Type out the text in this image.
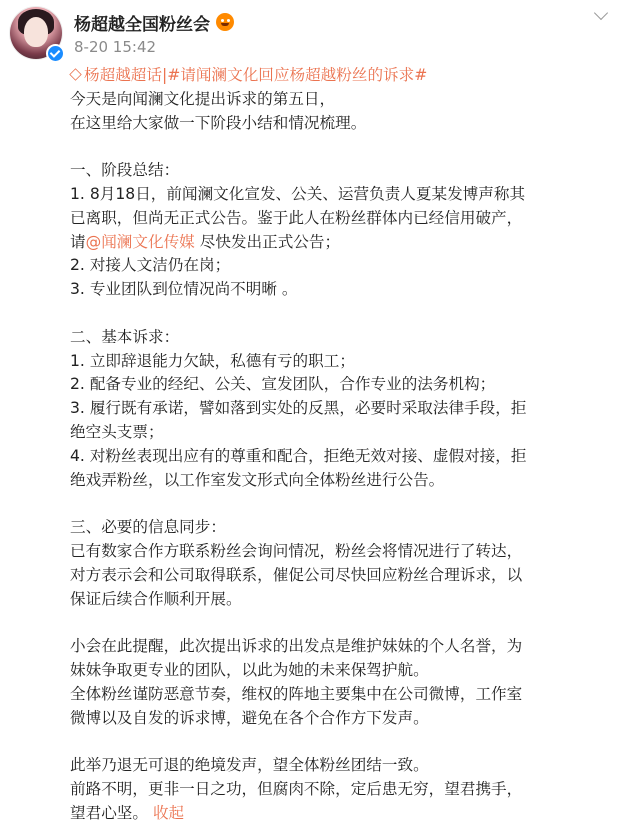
杨超越全国粉丝会
8-20 15:42
杨超越超话|#请闻澜文化回应杨超越粉丝的诉求#
今天是向闻澜文化提出诉求的第五日，
在这里给大家做一下阶段小结和情况梳理。
一、阶段总结：
1. 8月18日，前闻澜文化宣发、公关、运营负责人夏某发博声称其
已离职，但尚无正式公告。鉴于此人在粉丝群体内已经信用破产，
请@闻澜文化传媒 尽快发出正式公告；
2. 对接人文洁仍在岗；
3. 专业团队到位情况尚不明晰 。
二、基本诉求：
1. 立即辞退能力欠缺，私德有亏的职工；
2. 配备专业的经纪、公关、宣发团队，合作专业的法务机构；
3. 履行既有承诺，譬如落到实处的反黑，必要时采取法律手段，拒
绝空头支票；
4. 对粉丝表现出应有的尊重和配合，拒绝无效对接、虚假对接，拒
绝戏弄粉丝，以工作室发文形式向全体粉丝进行公告。
三、必要的信息同步：
已有数家合作方联系粉丝会询问情况，粉丝会将情况进行了转达，
对方表示会和公司取得联系，催促公司尽快回应粉丝合理诉求，以
保证后续合作顺利开展。
小会在此提醒，此次提出诉求的出发点是维护妹妹的个人名誉，为
妹妹争取更专业的团队，以此为她的未来保驾护航。
全体粉丝谨防恶意节奏，维权的阵地主要集中在公司微博，工作室
微博以及自发的诉求博，避免在各个合作方下发声。
此举乃退无可退的绝境发声，望全体粉丝团结一致。
前路不明，更非一日之功，但腐肉不除，定后患无穷，望君携手，
望君心坚。 收起
